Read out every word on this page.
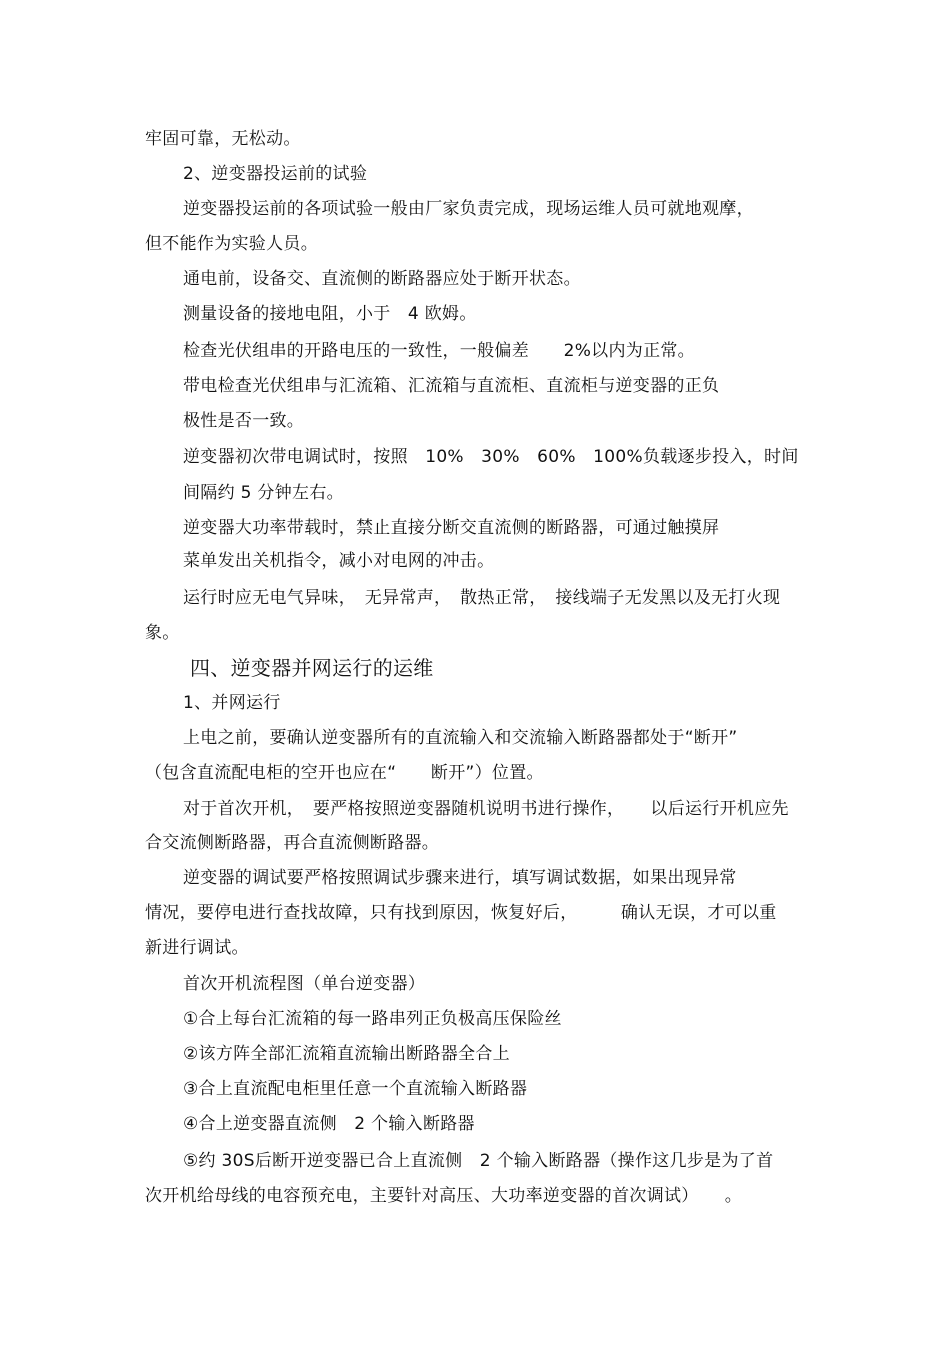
牢固可靠，无松动。
2、逆变器投运前的试验
逆变器投运前的各项试验一般由厂家负责完成，现场运维人员可就地观摩，
但不能作为实验人员。
通电前，设备交、直流侧的断路器应处于断开状态。
测量设备的接地电阻，小于　4 欧姆。
检查光伏组串的开路电压的一致性，一般偏差　　2%以内为正常。
带电检查光伏组串与汇流箱、汇流箱与直流柜、直流柜与逆变器的正负
极性是否一致。
逆变器初次带电调试时，按照　10%　30%　60%　100%负载逐步投入，时间
间隔约 5 分钟左右。
逆变器大功率带载时，禁止直接分断交直流侧的断路器，可通过触摸屏
菜单发出关机指令，减小对电网的冲击。
运行时应无电气异味，　无异常声，　散热正常，　接线端子无发黑以及无打火现
象。
四、逆变器并网运行的运维
1、并网运行
上电之前，要确认逆变器所有的直流输入和交流输入断路器都处于“断开”
（包含直流配电柜的空开也应在“　　断开”）位置。
对于首次开机，　要严格按照逆变器随机说明书进行操作，　　以后运行开机应先
合交流侧断路器，再合直流侧断路器。
逆变器的调试要严格按照调试步骤来进行，填写调试数据，如果出现异常
情况，要停电进行查找故障，只有找到原因，恢复好后，　　　确认无误，才可以重
新进行调试。
首次开机流程图（单台逆变器）
①合上每台汇流箱的每一路串列正负极高压保险丝
②该方阵全部汇流箱直流输出断路器全合上
③合上直流配电柜里任意一个直流输入断路器
④合上逆变器直流侧　2 个输入断路器
⑤约 30S后断开逆变器已合上直流侧　2 个输入断路器（操作这几步是为了首
次开机给母线的电容预充电，主要针对高压、大功率逆变器的首次调试）　　。
